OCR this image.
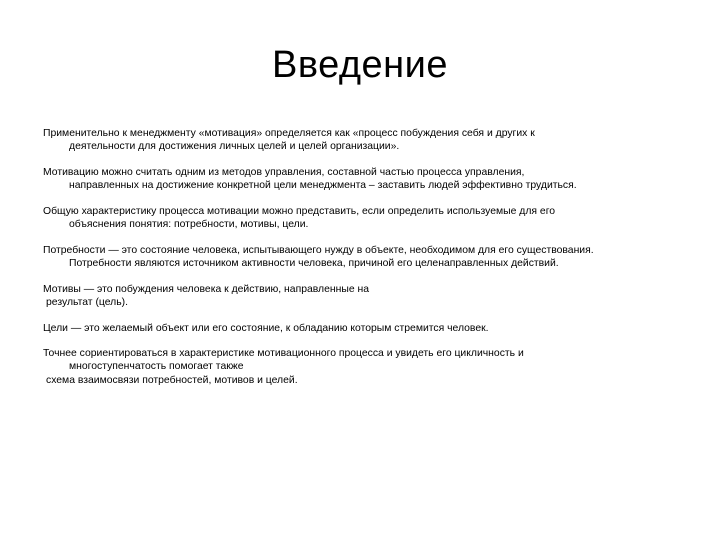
Введение

Применительно к менеджменту «мотивация» определяется как «процесс побуждения себя и других к
деятельности для достижения личных целей и целей организации».

Мотивацию можно считать одним из методов управления, составной частью процесса управления,
направленных на достижение конкретной цели менеджмента – заставить людей эффективно трудиться.

Общую характеристику процесса мотивации можно представить, если определить используемые для его
объяснения понятия: потребности, мотивы, цели.

Потребности — это состояние человека, испытывающего нужду в объекте, необходимом для его существования.
Потребности являются источником активности человека, причиной его целенаправленных действий.

Мотивы — это побуждения человека к действию, направленные на
результат (цель).

Цели — это желаемый объект или его состояние, к обладанию которым стремится человек.

Точнее сориентироваться в характеристике мотивационного процесса и увидеть его цикличность и
многоступенчатость помогает также
схема взаимосвязи потребностей, мотивов и целей.
